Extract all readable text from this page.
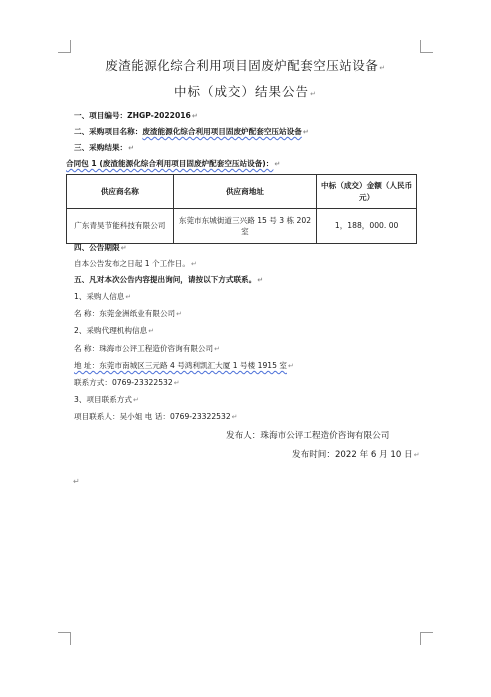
废渣能源化综合利用项目固废炉配套空压站设备↵
中标（成交）结果公告↵
一、项目编号：ZHGP-2022016↵
二、采购项目名称：废渣能源化综合利用项目固废炉配套空压站设备↵
三、采购结果：↵
合同包 1 (废渣能源化综合利用项目固废炉配套空压站设备)：↵
供应商名称	供应商地址	中标（成交）金额（人民币 元）
广东青昊节能科技有限公司	东莞市东城街道三兴路 15 号 3 栋 202 室	1，188，000. 00
四、公告期限↵
自本公告发布之日起 1 个工作日。↵
五、凡对本次公告内容提出询问，请按以下方式联系。↵
1、采购人信息↵
名 称：东莞金洲纸业有限公司↵
2、采购代理机构信息↵
名 称：珠海市公评工程造价咨询有限公司↵
地 址：东莞市南城区三元路 4 号鸿利凯汇大厦 1 号楼 1915 室↵
联系方式：0769-23322532↵
3、项目联系方式↵
项目联系人：吴小姐 电 话：0769-23322532↵
发布人：珠海市公评工程造价咨询有限公司
发布时间：2022 年 6 月 10 日↵
↵
